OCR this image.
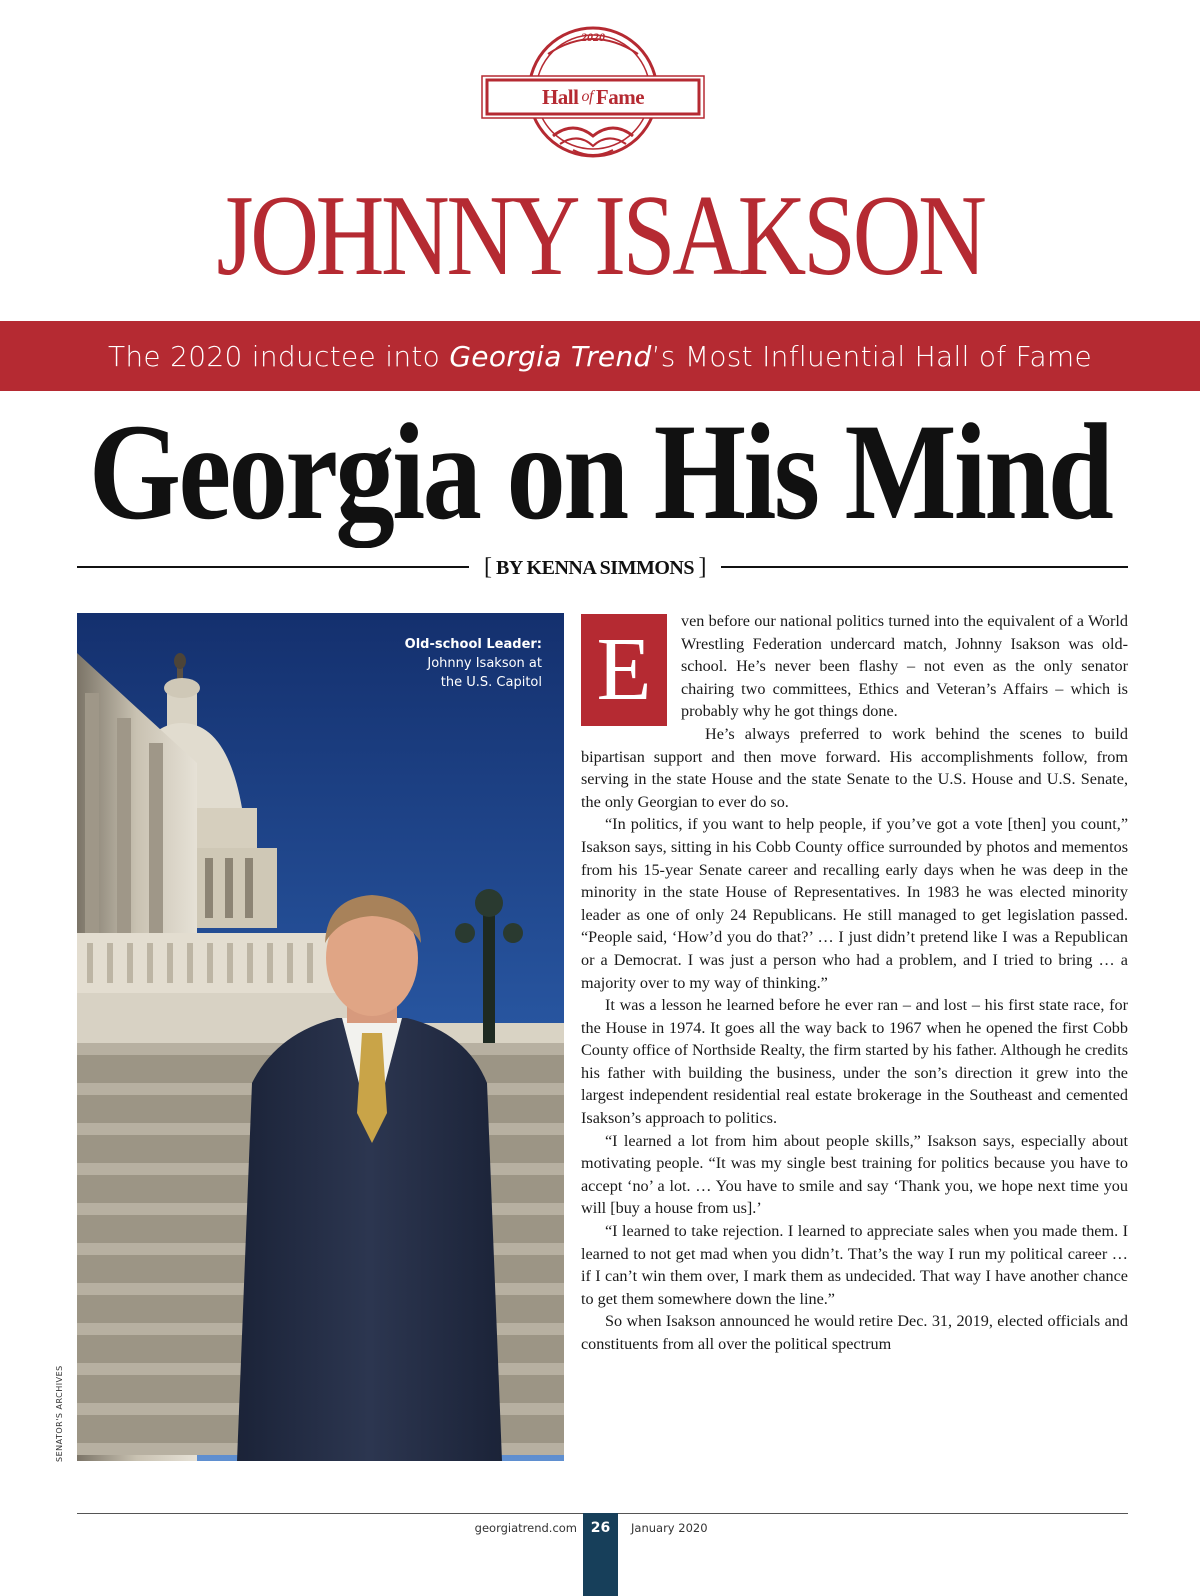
2020
Hall of Fame
JOHNNY ISAKSON
The 2020 inductee into
Georgia Trend ’s Most Influential Hall of Fame
Georgia on His Mind
[ BY KENNA SIMMONS ]
Old-school Leader:
Johnny Isakson at
the U.S. Capitol
SENATOR'S ARCHIVES

E	ven before our national politics turned into the equivalent of a World Wrestling Federation undercard match, Johnny Isakson was old-school. He’s never been flashy – not even as the only senator chairing two committees, Ethics and Veteran’s Affairs – which is probably why he got things done.

He’s always preferred to work behind the scenes to build bipartisan support and then move forward. His accomplishments follow, from serving in the state House and the state Senate to the U.S. House and U.S. Senate, the only Georgian to ever do so.

“In politics, if you want to help people, if you’ve got a vote [then] you count,” Isakson says, sitting in his Cobb County office surrounded by photos and mementos from his 15-year Senate career and recalling early days when he was deep in the minority in the state House of Representatives. In 1983 he was elected minority leader as one of only 24 Republicans. He still managed to get legislation passed. “People said, ‘How’d you do that?’ … I just didn’t pretend like I was a Republican or a Democrat. I was just a person who had a problem, and I tried to bring … a majority over to my way of thinking.”

It was a lesson he learned before he ever ran – and lost – his first state race, for the House in 1974. It goes all the way back to 1967 when he opened the first Cobb County office of Northside Realty, the firm started by his father. Although he credits his father with building the business, under the son’s direction it grew into the largest independent residential real estate brokerage in the Southeast and cemented Isakson’s approach to politics.

“I learned a lot from him about people skills,” Isakson says, especially about motivating people. “It was my single best training for politics because you have to accept ‘no’ a lot. … You have to smile and say ‘Thank you, we hope next time you will [buy a house from us].’

“I learned to take rejection. I learned to appreciate sales when you made them. I learned to not get mad when you didn’t. That’s the way I run my political career … if I can’t win them over, I mark them as undecided. That way I have another chance to get them somewhere down the line.”

So when Isakson announced he would retire Dec. 31, 2019, elected officials and constituents from all over the political spectrum

georgiatrend.com 26	January 2020
